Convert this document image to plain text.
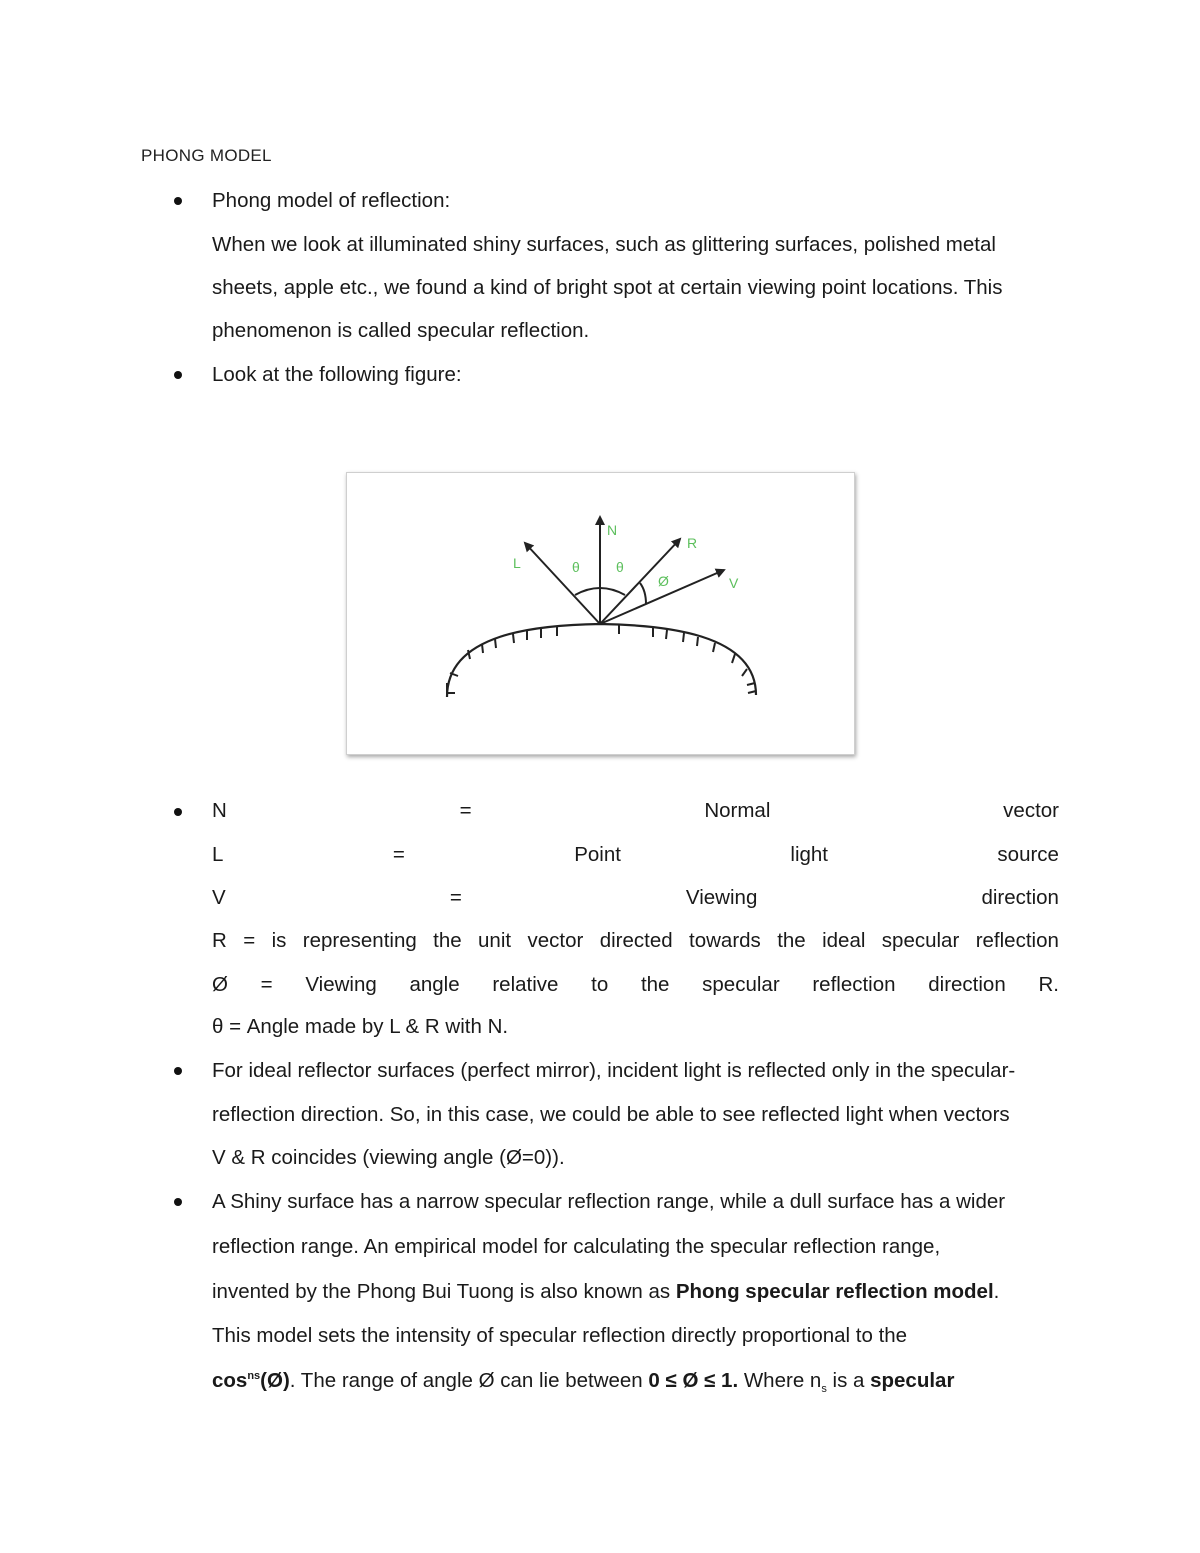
PHONG MODEL
Phong model of reflection:
When we look at illuminated shiny surfaces, such as glittering surfaces, polished metal
sheets, apple etc., we found a kind of bright spot at certain viewing point locations. This
phenomenon is called specular reflection.
Look at the following figure:
N
L
R
V
θ	θ
Ø
N	=	Normal	vector
L	=	Point	light	source
V	=	Viewing	direction
R = is representing the unit vector directed towards the ideal specular reflection
Ø = Viewing angle relative to the specular reflection direction R.
θ = Angle made by L & R with N.
For ideal reflector surfaces (perfect mirror), incident light is reflected only in the specular-
reflection direction. So, in this case, we could be able to see reflected light when vectors
V & R coincides (viewing angle (Ø=0)).
A Shiny surface has a narrow specular reflection range, while a dull surface has a wider
reflection range. An empirical model for calculating the specular reflection range,
invented by the Phong Bui Tuong is also known as Phong specular reflection model.
This model sets the intensity of specular reflection directly proportional to the
$\cos^{ns}(Ø)$. The range of angle Ø can lie between 0 ≤ Ø ≤ 1. Where $n_s$ is a specular
